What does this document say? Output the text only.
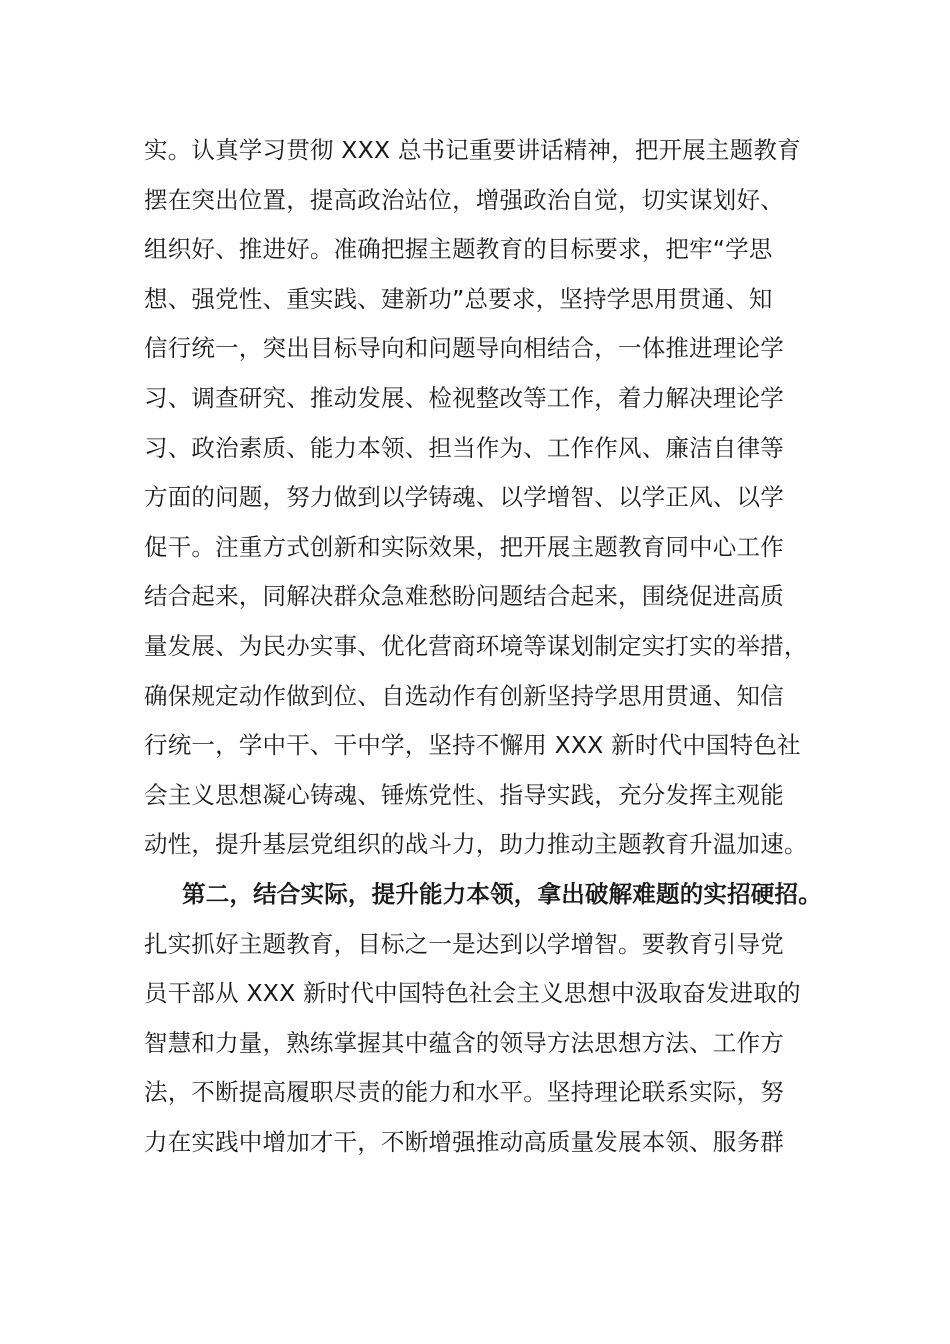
实。认真学习贯彻 XXX 总书记重要讲话精神，把开展主题教育
摆在突出位置，提高政治站位，增强政治自觉，切实谋划好、
组织好、推进好。准确把握主题教育的目标要求，把牢“学思
想、强党性、重实践、建新功”总要求，坚持学思用贯通、知
信行统一，突出目标导向和问题导向相结合，一体推进理论学
习、调查研究、推动发展、检视整改等工作，着力解决理论学
习、政治素质、能力本领、担当作为、工作作风、廉洁自律等
方面的问题，努力做到以学铸魂、以学增智、以学正风、以学
促干。注重方式创新和实际效果，把开展主题教育同中心工作
结合起来，同解决群众急难愁盼问题结合起来，围绕促进高质
量发展、为民办实事、优化营商环境等谋划制定实打实的举措，
确保规定动作做到位、自选动作有创新坚持学思用贯通、知信
行统一，学中干、干中学，坚持不懈用 XXX 新时代中国特色社
会主义思想凝心铸魂、锤炼党性、指导实践，充分发挥主观能
动性，提升基层党组织的战斗力，助力推动主题教育升温加速。
第二，结合实际，提升能力本领，拿出破解难题的实招硬招。
扎实抓好主题教育，目标之一是达到以学增智。要教育引导党
员干部从 XXX 新时代中国特色社会主义思想中汲取奋发进取的
智慧和力量，熟练掌握其中蕴含的领导方法思想方法、工作方
法，不断提高履职尽责的能力和水平。坚持理论联系实际，努
力在实践中增加才干，不断增强推动高质量发展本领、服务群
